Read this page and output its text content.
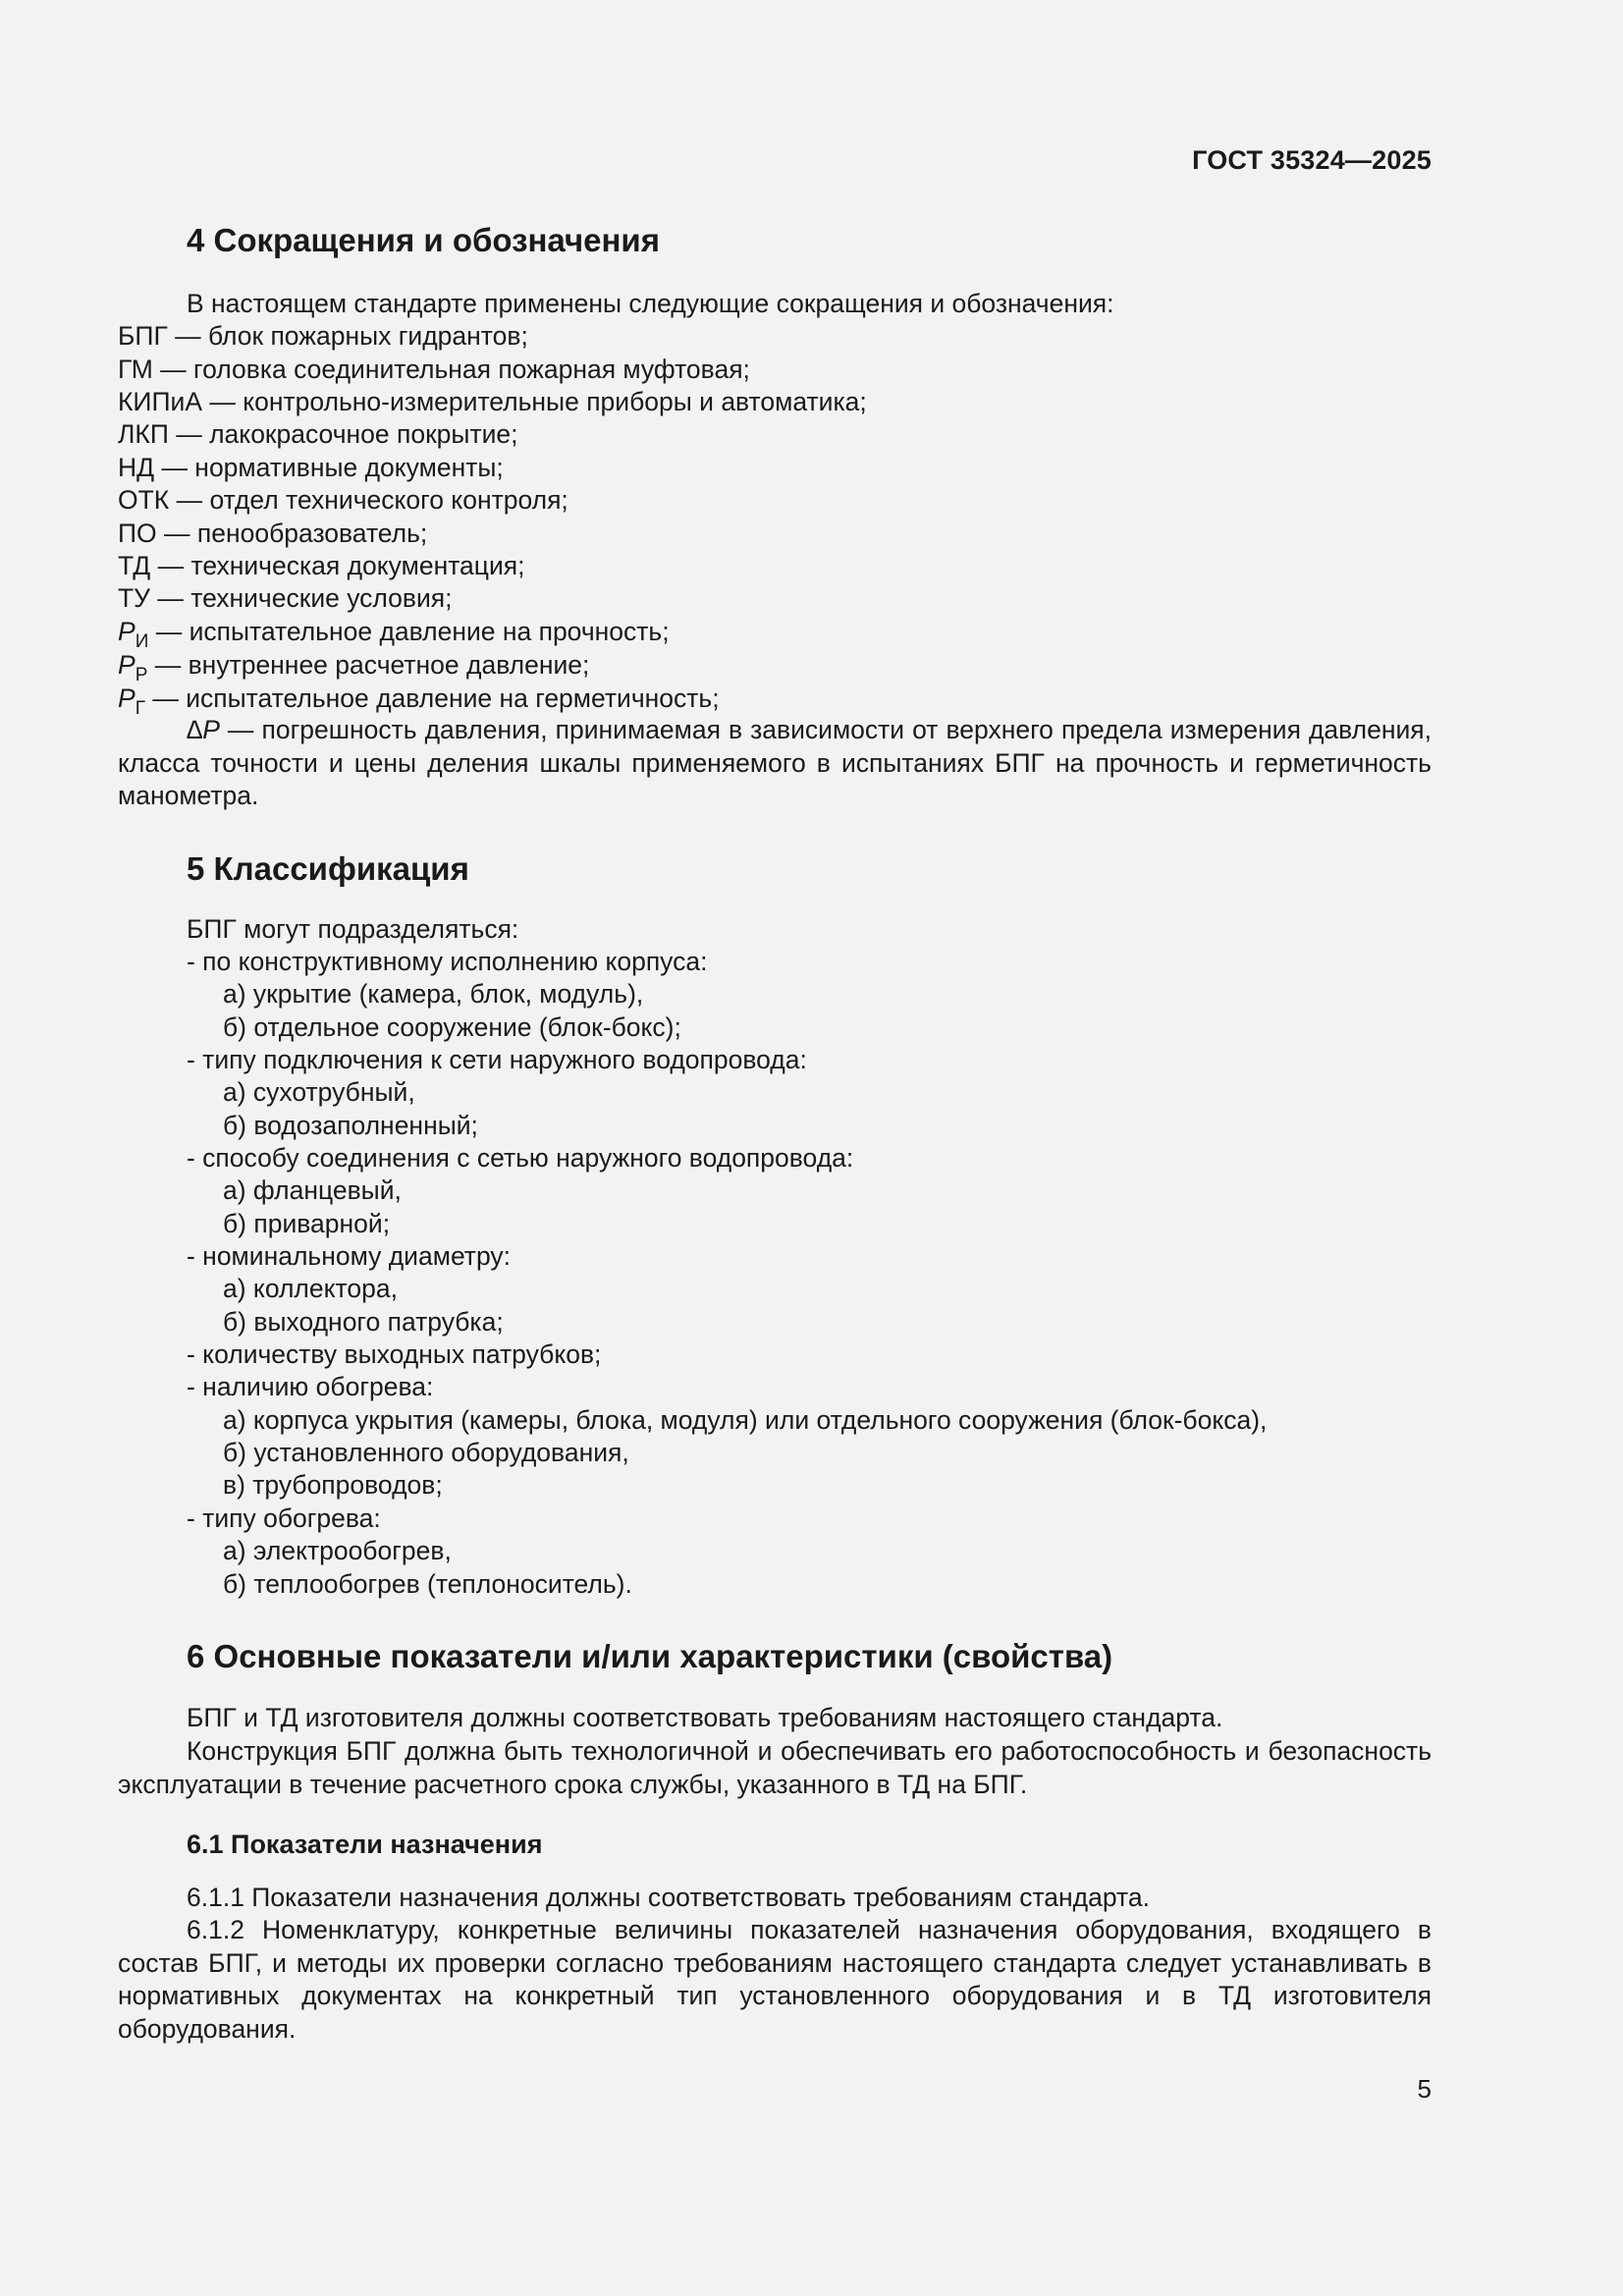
ГОСТ 35324—2025
4 Сокращения и обозначения
В настоящем стандарте применены следующие сокращения и обозначения:
БПГ — блок пожарных гидрантов;
ГМ — головка соединительная пожарная муфтовая;
КИПиА — контрольно-измерительные приборы и автоматика;
ЛКП — лакокрасочное покрытие;
НД — нормативные документы;
ОТК — отдел технического контроля;
ПО — пенообразователь;
ТД — техническая документация;
ТУ — технические условия;
$P_И$ — испытательное давление на прочность;
$P_Р$ — внутреннее расчетное давление;
$P_Г$ — испытательное давление на герметичность;
∆P — погрешность давления, принимаемая в зависимости от верхнего предела измерения давления, класса точности и цены деления шкалы применяемого в испытаниях БПГ на прочность и герметичность манометра.
5 Классификация
БПГ могут подразделяться:
- по конструктивному исполнению корпуса:
а) укрытие (камера, блок, модуль),
б) отдельное сооружение (блок-бокс);
- типу подключения к сети наружного водопровода:
а) сухотрубный,
б) водозаполненный;
- способу соединения с сетью наружного водопровода:
а) фланцевый,
б) приварной;
- номинальному диаметру:
а) коллектора,
б) выходного патрубка;
- количеству выходных патрубков;
- наличию обогрева:
а) корпуса укрытия (камеры, блока, модуля) или отдельного сооружения (блок-бокса),
б) установленного оборудования,
в) трубопроводов;
- типу обогрева:
а) электрообогрев,
б) теплообогрев (теплоноситель).
6 Основные показатели и/или характеристики (свойства)
БПГ и ТД изготовителя должны соответствовать требованиям настоящего стандарта.
Конструкция БПГ должна быть технологичной и обеспечивать его работоспособность и безопасность эксплуатации в течение расчетного срока службы, указанного в ТД на БПГ.
6.1 Показатели назначения
6.1.1 Показатели назначения должны соответствовать требованиям стандарта.
6.1.2 Номенклатуру, конкретные величины показателей назначения оборудования, входящего в состав БПГ, и методы их проверки согласно требованиям настоящего стандарта следует устанавливать в нормативных документах на конкретный тип установленного оборудования и в ТД изготовителя оборудования.
5
